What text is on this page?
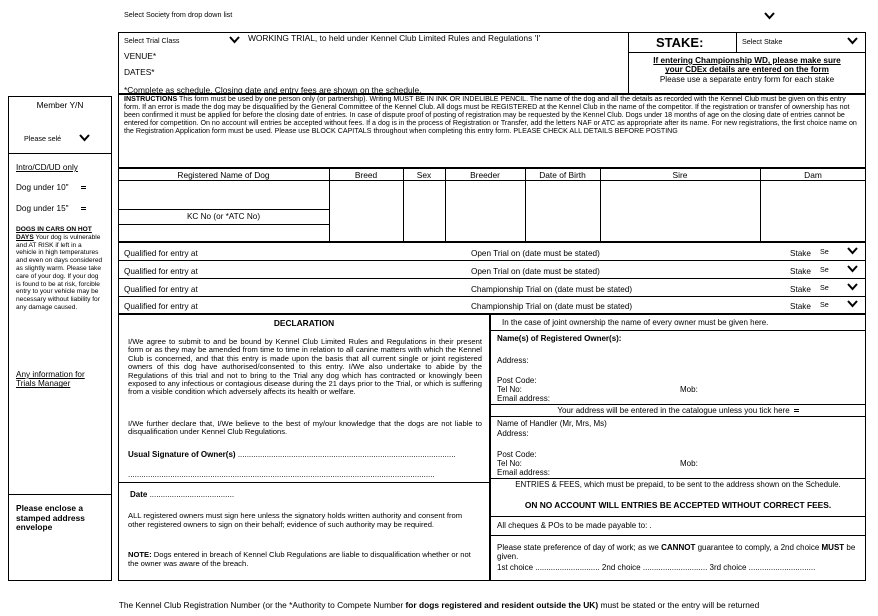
Select Society from drop down list
Select Trial Class	WORKING TRIAL, to held under Kennel Club Limited Rules and Regulations 'I'
VENUE*
DATES*
*Complete as schedule. Closing date and entry fees are shown on the schedule.
STAKE:	Select Stake
If entering Championship WD, please make sure
your CDEx details are entered on the form
Please use a separate entry form for each stake
Member Y/N
Please selé
Intro/CD/UD only
Dog under 10"
Dog under 15"
DOGS IN CARS ON HOT DAYS Your dog is vulnerable and AT RISK if left in a vehicle in high temperatures and even on days considered as slightly warm. Please take care of your dog. If your dog is found to be at risk, forcible entry to your vehicle may be necessary without liability for any damage caused.
Any information for Trials Manager
Please enclose a stamped address envelope
INSTRUCTIONS This form must be used by one person only (or partnership). Writing MUST BE IN INK OR INDELIBLE PENCIL. The name of the dog and all the details as recorded with the Kennel Club must be given on this entry form. If an error is made the dog may be disqualified by the General Committee of the Kennel Club. All dogs must be REGISTERED at the Kennel Club in the name of the competitor. If the registration or transfer of ownership has not been confirmed it must be applied for before the closing date of entries. In case of dispute proof of posting of registration may be requested by the Kennel Club. Dogs under 18 months of age on the closing date of entries cannot be entered for competition. On no account will entries be accepted without fees. If a dog is in the process of Registration or Transfer, add the letters NAF or ATC as appropriate after its name. For new registrations, the first choice name on the Registration Application form must be used. Please use BLOCK CAPITALS throughout when completing this entry form. PLEASE CHECK ALL DETAILS BEFORE POSTING
Registered Name of Dog	Breed	Sex	Breeder	Date of Birth	Sire	Dam
KC No (or *ATC No)
Qualified for entry at	Open Trial on (date must be stated)	Stake Se
Qualified for entry at	Open Trial on (date must be stated)	Stake Se
Qualified for entry at	Championship Trial on (date must be stated)	Stake Se
Qualified for entry at	Championship Trial on (date must be stated)	Stake Se
DECLARATION
I/We agree to submit to and be bound by Kennel Club Limited Rules and Regulations in their present form or as they may be amended from time to time in relation to all canine matters with which the Kennel Club is concerned, and that this entry is made upon the basis that all current single or joint registered owners of this dog have authorised/consented to this entry. I/We also undertake to abide by the Regulations of this trial and not to bring to the Trial any dog which has contracted or knowingly been exposed to any infectious or contagious disease during the 21 days prior to the Trial, or which is suffering from a visible condition which adversely affects its health or welfare.
I/We further declare that, I/We believe to the best of my/our knowledge that the dogs are not liable to disqualification under Kennel Club Regulations.
Usual Signature of Owner(s) ..................................................................................................
..........................................................................................................................................
Date ......................................
ALL registered owners must sign here unless the signatory holds written authority and consent from other registered owners to sign on their behalf; evidence of such authority may be required.
NOTE: Dogs entered in breach of Kennel Club Regulations are liable to disqualification whether or not the owner was aware of the breach.
In the case of joint ownership the name of every owner must be given here.
Name(s) of Registered Owner(s):
Address:
Post Code:
Tel No:	Mob:
Email address:
Your address will be entered in the catalogue unless you tick here
Name of Handler (Mr, Mrs, Ms)
Address:
Post Code:
Tel No:	Mob:
Email address:
ENTRIES & FEES, which must be prepaid, to be sent to the address shown on the Schedule.
ON NO ACCOUNT WILL ENTRIES BE ACCEPTED WITHOUT CORRECT FEES.
All cheques & POs to be made payable to: .
Please state preference of day of work; as we CANNOT guarantee to comply, a 2nd choice MUST be given.
1st choice ............................. 2nd choice ............................. 3rd choice ..............................
The Kennel Club Registration Number (or the *Authority to Compete Number for dogs registered and resident outside the UK) must be stated or the entry will be returned
